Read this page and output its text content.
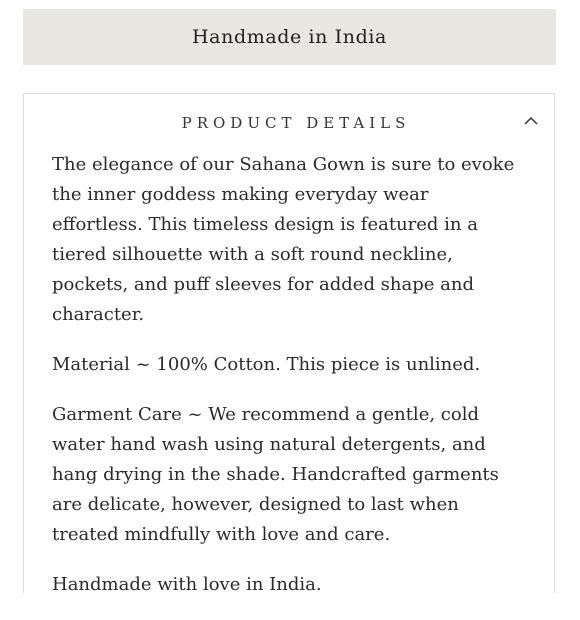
Handmade in India
PRODUCT DETAILS

The elegance of our Sahana Gown is sure to evoke the inner goddess making everyday wear effortless. This timeless design is featured in a tiered silhouette with a soft round neckline, pockets, and puff sleeves for added shape and character.

Material ~ 100% Cotton. This piece is unlined.

Garment Care ~ We recommend a gentle, cold water hand wash using natural detergents, and hang drying in the shade. Handcrafted garments are delicate, however, designed to last when treated mindfully with love and care.

Handmade with love in India.
